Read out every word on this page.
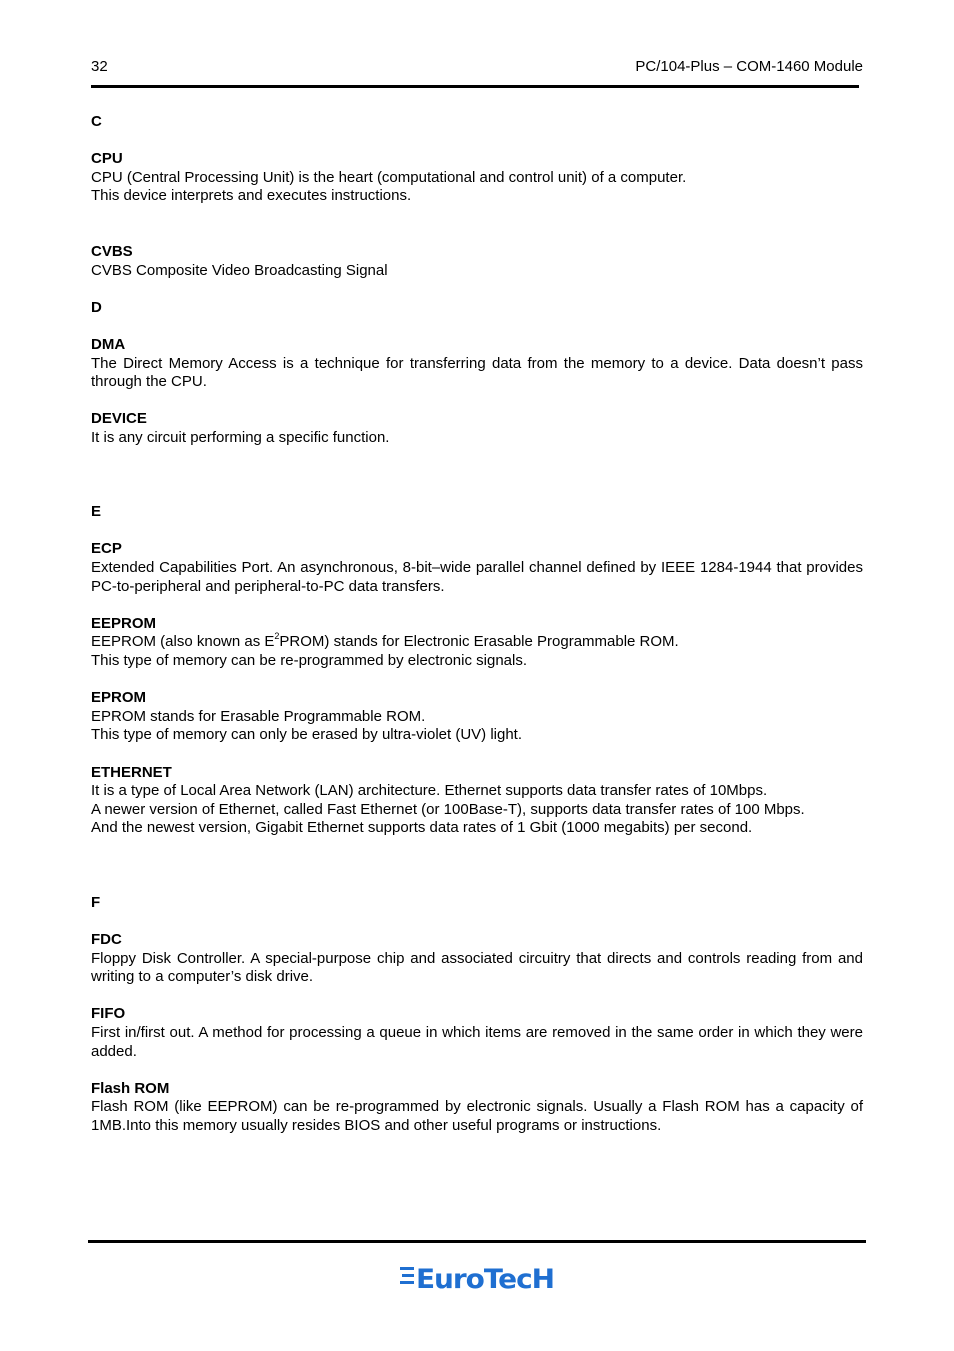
32	PC/104-Plus – COM-1460 Module

C

CPU

CPU (Central Processing Unit) is the heart (computational and control unit) of a computer.

This device interprets and executes instructions.

CVBS

CVBS Composite Video Broadcasting Signal

D

DMA

The Direct Memory Access is a technique for transferring data from the memory to a device. Data doesn’t pass through the CPU.

DEVICE

It is any circuit performing a specific function.

E

ECP

Extended Capabilities Port. An asynchronous, 8-bit–wide parallel channel defined by IEEE 1284-1944 that provides PC-to-peripheral and peripheral-to-PC data transfers.

EEPROM

EEPROM (also known as $E^2PROM$) stands for Electronic Erasable Programmable ROM.

This type of memory can be re-programmed by electronic signals.

EPROM

EPROM stands for Erasable Programmable ROM.

This type of memory can only be erased by ultra-violet (UV) light.

ETHERNET

It is a type of Local Area Network (LAN) architecture. Ethernet supports data transfer rates of 10Mbps.

A newer version of Ethernet, called Fast Ethernet (or 100Base-T), supports data transfer rates of 100 Mbps.

And the newest version, Gigabit Ethernet supports data rates of 1 Gbit (1000 megabits) per second.

F

FDC

Floppy Disk Controller. A special-purpose chip and associated circuitry that directs and controls reading from and writing to a computer’s disk drive.

FIFO

First in/first out. A method for processing a queue in which items are removed in the same order in which they were added.

Flash ROM

Flash ROM (like EEPROM) can be re-programmed by electronic signals. Usually a Flash ROM has a capacity of 1MB.Into this memory usually resides BIOS and other useful programs or instructions.

EuroTecH
